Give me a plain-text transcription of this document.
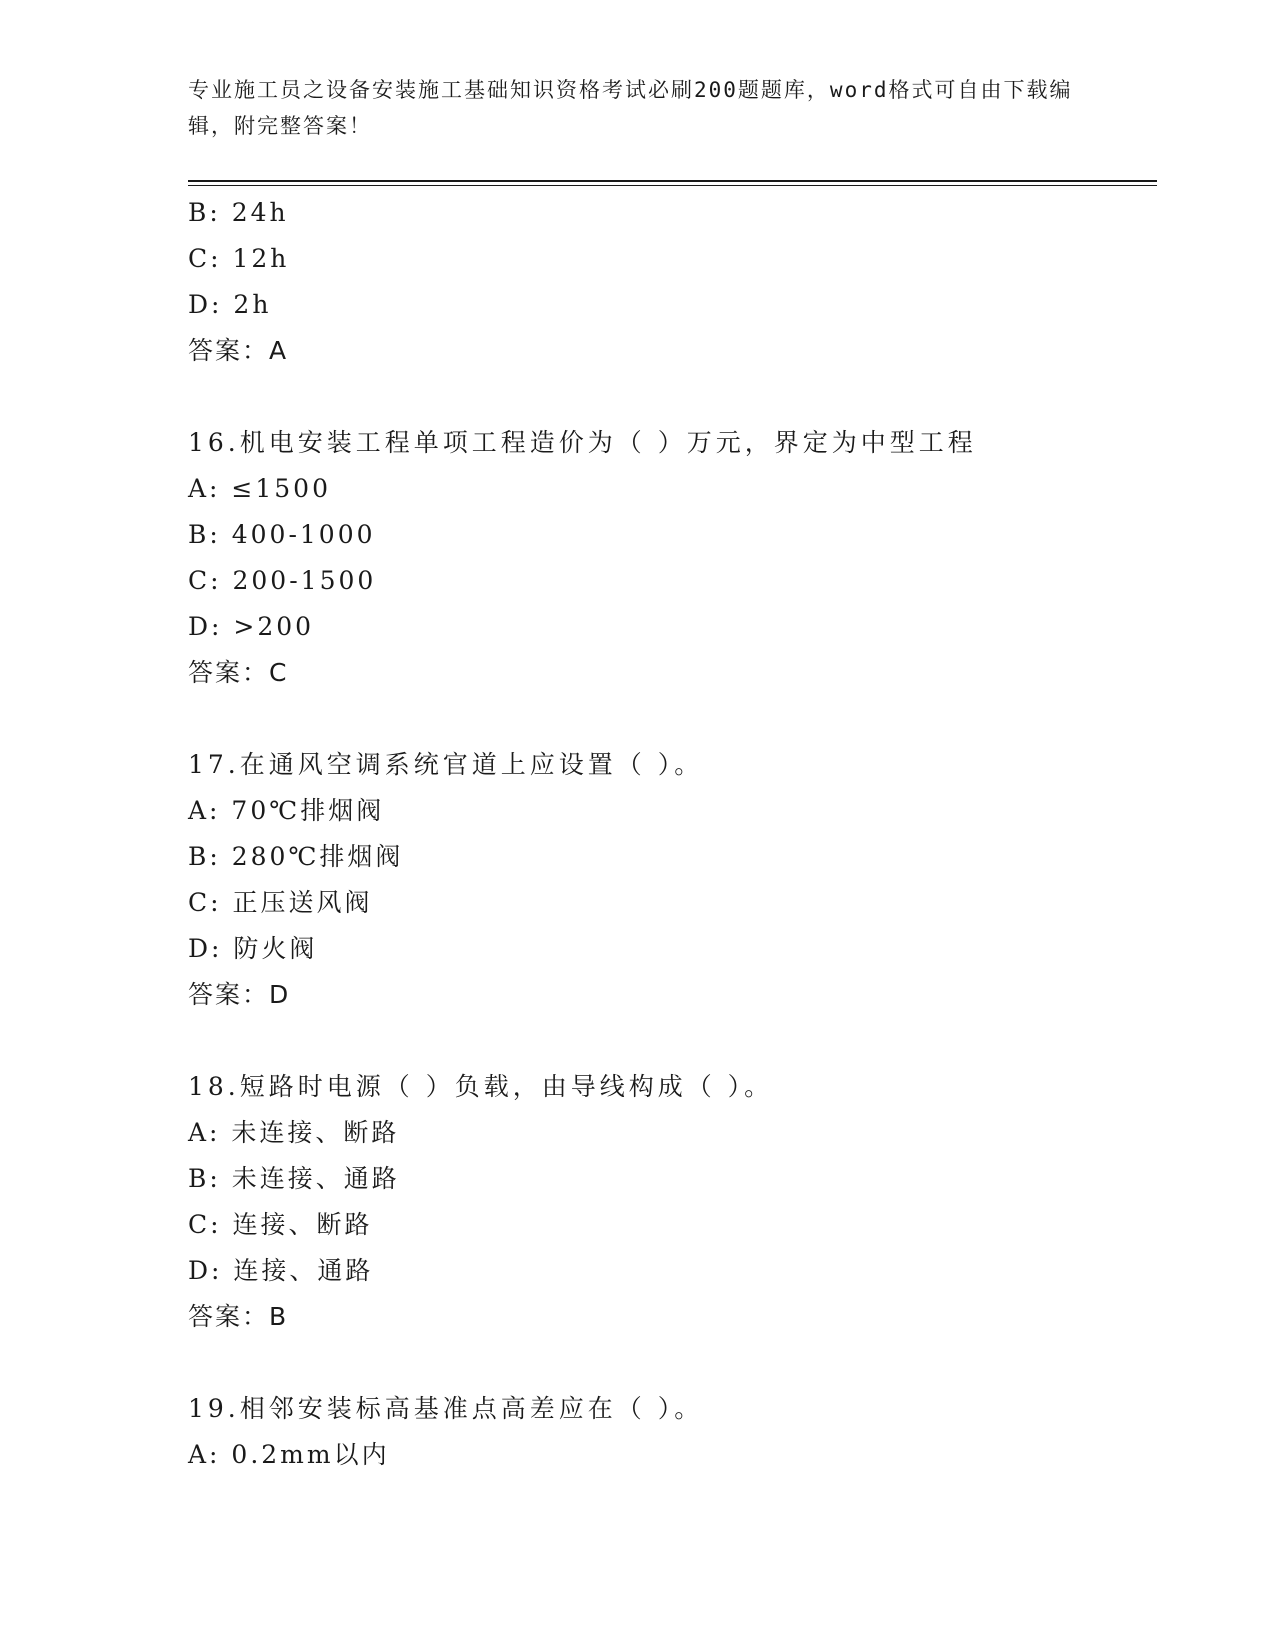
专业施工员之设备安装施工基础知识资格考试必刷200题题库，word格式可自由下载编辑，附完整答案！
B: 24h
C: 12h
D: 2h
答案：A
16.机电安装工程单项工程造价为（ ）万元，界定为中型工程
A: ≤1500
B: 400-1000
C: 200-1500
D: >200
答案：C
17.在通风空调系统官道上应设置（ ）。
A: 70℃排烟阀
B: 280℃排烟阀
C: 正压送风阀
D: 防火阀
答案：D
18.短路时电源（ ）负载，由导线构成（ ）。
A: 未连接、断路
B: 未连接、通路
C: 连接、断路
D: 连接、通路
答案：B
19.相邻安装标高基准点高差应在（ ）。
A: 0.2mm以内
